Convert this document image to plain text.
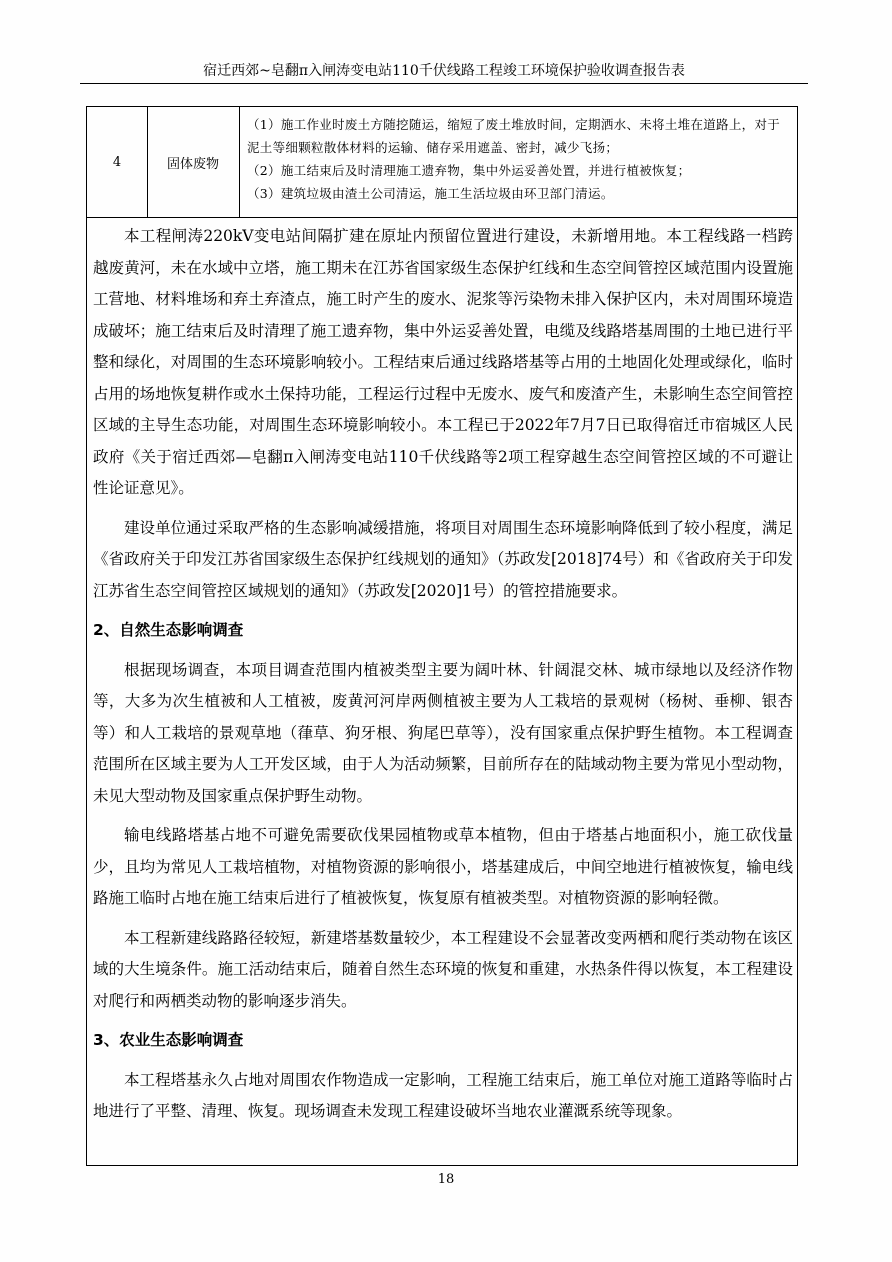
宿迁西郊~皂翻π入闸涛变电站110千伏线路工程竣工环境保护验收调查报告表
4	固体废物

（1）施工作业时废土方随挖随运，缩短了废土堆放时间，定期洒水、未将土堆在道路上，对于泥土等细颗粒散体材料的运输、储存采用遮盖、密封，减少飞扬；

（2）施工结束后及时清理施工遗弃物，集中外运妥善处置，并进行植被恢复；

（3）建筑垃圾由渣土公司清运，施工生活垃圾由环卫部门清运。

本工程闸涛220kV变电站间隔扩建在原址内预留位置进行建设，未新增用地。本工程线路一档跨越废黄河，未在水域中立塔，施工期未在江苏省国家级生态保护红线和生态空间管控区域范围内设置施工营地、材料堆场和弃土弃渣点，施工时产生的废水、泥浆等污染物未排入保护区内，未对周围环境造成破坏；施工结束后及时清理了施工遗弃物，集中外运妥善处置，电缆及线路塔基周围的土地已进行平整和绿化，对周围的生态环境影响较小。工程结束后通过线路塔基等占用的土地固化处理或绿化，临时占用的场地恢复耕作或水土保持功能，工程运行过程中无废水、废气和废渣产生，未影响生态空间管控区域的主导生态功能，对周围生态环境影响较小。本工程已于2022年7月7日已取得宿迁市宿城区人民政府《关于宿迁西郊—皂翻π入闸涛变电站110千伏线路等2项工程穿越生态空间管控区域的不可避让性论证意见》。

建设单位通过采取严格的生态影响减缓措施，将项目对周围生态环境影响降低到了较小程度，满足《省政府关于印发江苏省国家级生态保护红线规划的通知》（苏政发[2018]74号）和《省政府关于印发江苏省生态空间管控区域规划的通知》（苏政发[2020]1号）的管控措施要求。

2、自然生态影响调查

根据现场调查，本项目调查范围内植被类型主要为阔叶林、针阔混交林、城市绿地以及经济作物等，大多为次生植被和人工植被，废黄河河岸两侧植被主要为人工栽培的景观树（杨树、垂柳、银杏等）和人工栽培的景观草地（葎草、狗牙根、狗尾巴草等），没有国家重点保护野生植物。本工程调查范围所在区域主要为人工开发区域，由于人为活动频繁，目前所存在的陆域动物主要为常见小型动物，未见大型动物及国家重点保护野生动物。

输电线路塔基占地不可避免需要砍伐果园植物或草本植物，但由于塔基占地面积小，施工砍伐量少，且均为常见人工栽培植物，对植物资源的影响很小，塔基建成后，中间空地进行植被恢复，输电线路施工临时占地在施工结束后进行了植被恢复，恢复原有植被类型。对植物资源的影响轻微。

本工程新建线路路径较短，新建塔基数量较少，本工程建设不会显著改变两栖和爬行类动物在该区域的大生境条件。施工活动结束后，随着自然生态环境的恢复和重建，水热条件得以恢复，本工程建设对爬行和两栖类动物的影响逐步消失。

3、农业生态影响调查

本工程塔基永久占地对周围农作物造成一定影响，工程施工结束后，施工单位对施工道路等临时占地进行了平整、清理、恢复。现场调查未发现工程建设破坏当地农业灌溉系统等现象。

18
